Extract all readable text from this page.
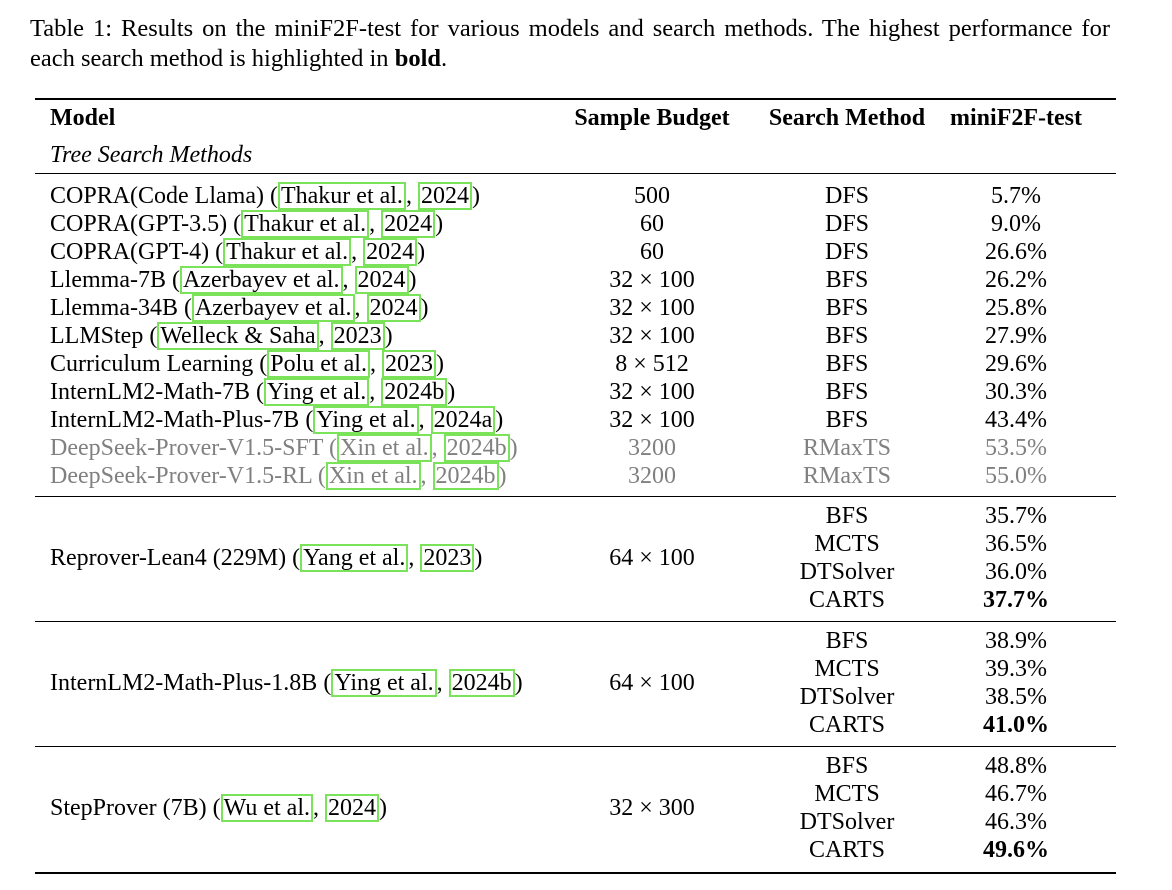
Table 1: Results on the miniF2F-test for various models and search methods. The highest performance for each search method is highlighted in bold.
Model	Sample Budget	Search Method	miniF2F-test
Tree Search Methods
COPRA(Code Llama) ( Thakur et al. , 2024 )	500	DFS	5.7%
COPRA(GPT-3.5) ( Thakur et al. , 2024 )	60	DFS	9.0%
COPRA(GPT-4) ( Thakur et al. , 2024 )	60	DFS	26.6%
Llemma-7B ( Azerbayev et al. , 2024 )	32 × 100	BFS	26.2%
Llemma-34B ( Azerbayev et al. , 2024 )	32 × 100	BFS	25.8%
LLMStep ( Welleck & Saha , 2023 )	32 × 100	BFS	27.9%
Curriculum Learning ( Polu et al. , 2023 )	8 × 512	BFS	29.6%
InternLM2-Math-7B ( Ying et al. , 2024b )	32 × 100	BFS	30.3%
InternLM2-Math-Plus-7B ( Ying et al. , 2024a )	32 × 100	BFS	43.4%
DeepSeek-Prover-V1.5-SFT ( Xin et al. , 2024b )	3200	RMaxTS	53.5%
DeepSeek-Prover-V1.5-RL ( Xin et al. , 2024b )	3200	RMaxTS	55.0%
Reprover-Lean4 (229M) ( Yang et al. , 2023 )	64 × 100
BFS	35.7%
MCTS	36.5%
DTSolver	36.0%
CARTS	37.7%
InternLM2-Math-Plus-1.8B ( Ying et al. , 2024b )	64 × 100
BFS	38.9%
MCTS	39.3%
DTSolver	38.5%
CARTS	41.0%
StepProver (7B) ( Wu et al. , 2024 )	32 × 300
BFS	48.8%
MCTS	46.7%
DTSolver	46.3%
CARTS	49.6%
